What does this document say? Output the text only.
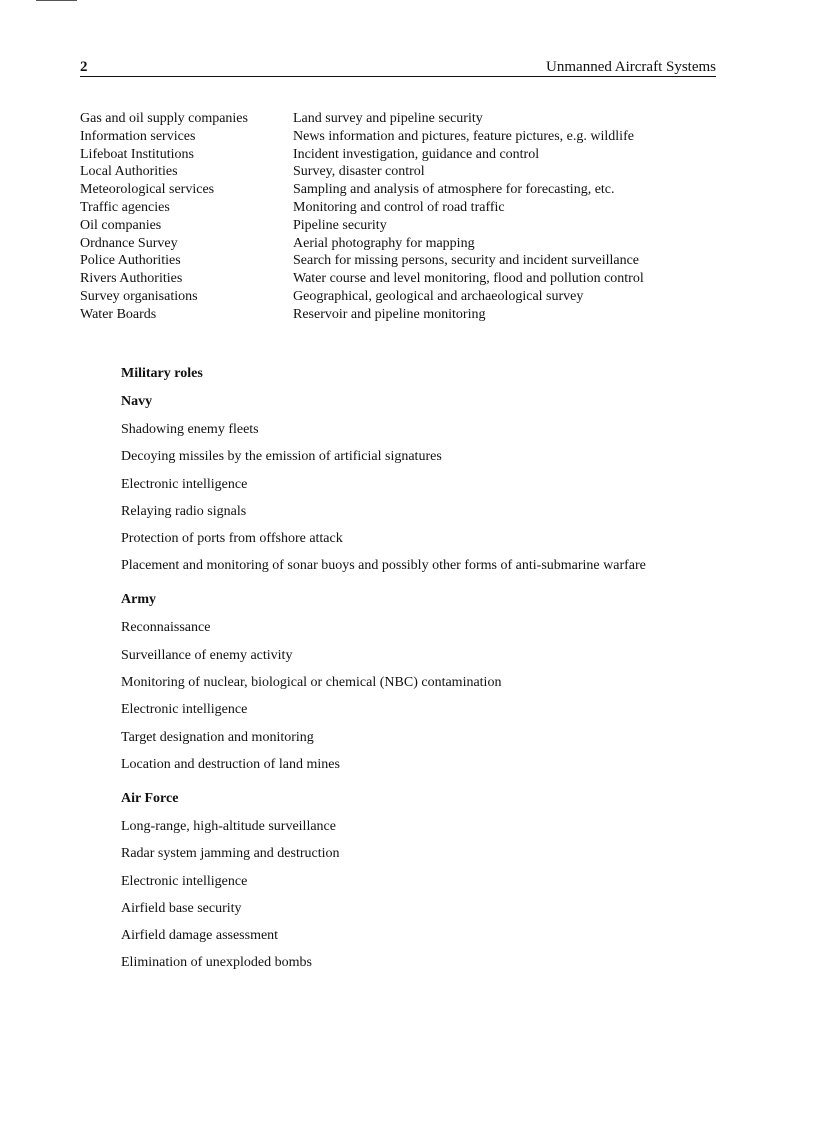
2	Unmanned Aircraft Systems
Gas and oil supply companies	Land survey and pipeline security
Information services	News information and pictures, feature pictures, e.g. wildlife
Lifeboat Institutions	Incident investigation, guidance and control
Local Authorities	Survey, disaster control
Meteorological services	Sampling and analysis of atmosphere for forecasting, etc.
Traffic agencies	Monitoring and control of road traffic
Oil companies	Pipeline security
Ordnance Survey	Aerial photography for mapping
Police Authorities	Search for missing persons, security and incident surveillance
Rivers Authorities	Water course and level monitoring, flood and pollution control
Survey organisations	Geographical, geological and archaeological survey
Water Boards	Reservoir and pipeline monitoring
Military roles
Navy
Shadowing enemy fleets
Decoying missiles by the emission of artificial signatures
Electronic intelligence
Relaying radio signals
Protection of ports from offshore attack
Placement and monitoring of sonar buoys and possibly other forms of anti-submarine warfare
Army
Reconnaissance
Surveillance of enemy activity
Monitoring of nuclear, biological or chemical (NBC) contamination
Electronic intelligence
Target designation and monitoring
Location and destruction of land mines
Air Force
Long-range, high-altitude surveillance
Radar system jamming and destruction
Electronic intelligence
Airfield base security
Airfield damage assessment
Elimination of unexploded bombs
